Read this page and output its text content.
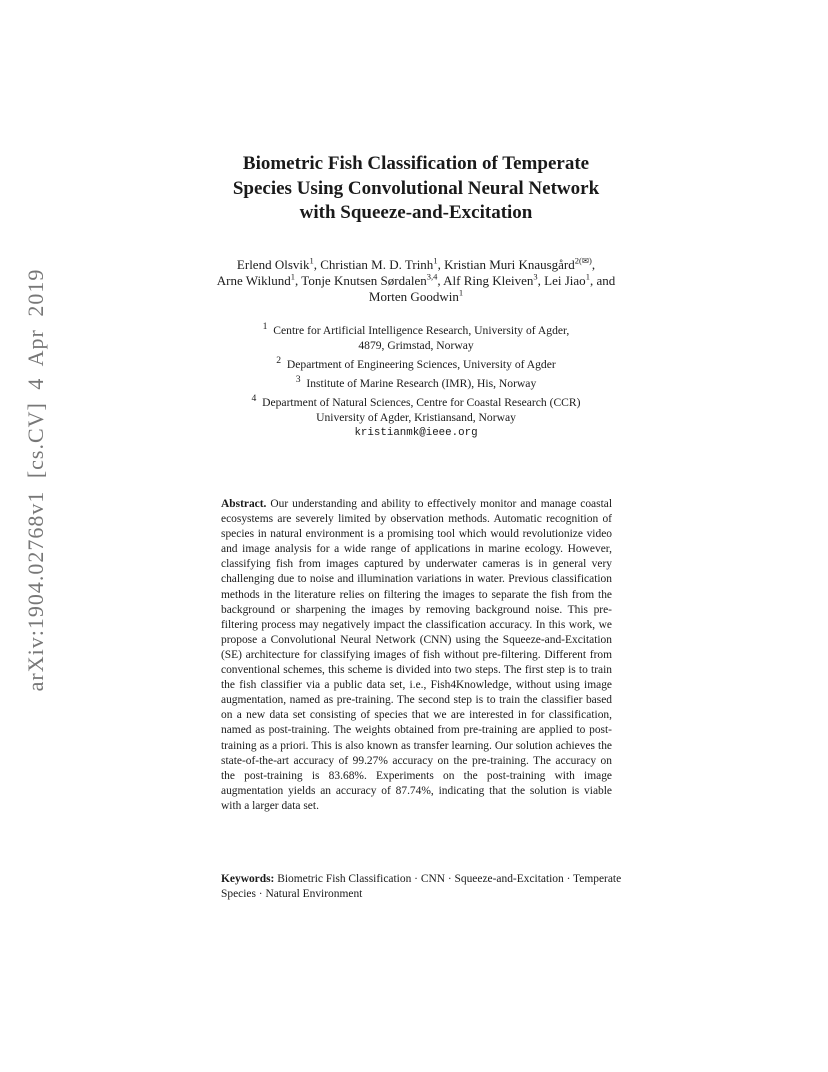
arXiv:1904.02768v1 [cs.CV] 4 Apr 2019
Biometric Fish Classification of Temperate
Species Using Convolutional Neural Network
with Squeeze-and-Excitation
Erlend Olsvik$^1$, Christian M. D. Trinh$^1$, Kristian Muri Knausgård$^{2(✉)}$,
Arne Wiklund$^1$, Tonje Knutsen Sørdalen$^{3,4}$, Alf Ring Kleiven$^3$, Lei Jiao$^1$, and
Morten Goodwin$^1$
$^1$ Centre for Artificial Intelligence Research, University of Agder,
4879, Grimstad, Norway
$^2$ Department of Engineering Sciences, University of Agder
$^3$ Institute of Marine Research (IMR), His, Norway
$^4$ Department of Natural Sciences, Centre for Coastal Research (CCR)
University of Agder, Kristiansand, Norway
kristianmk@ieee.org
Abstract. Our understanding and ability to effectively monitor and manage coastal ecosystems are severely limited by observation methods. Automatic recognition of species in natural environment is a promising tool which would revolutionize video and image analysis for a wide range of applications in marine ecology. However, classifying fish from images captured by underwater cameras is in general very challenging due to noise and illumination variations in water. Previous classification methods in the literature relies on filtering the images to separate the fish from the background or sharpening the images by removing background noise. This pre-filtering process may negatively impact the classification accuracy. In this work, we propose a Convolutional Neural Network (CNN) using the Squeeze-and-Excitation (SE) architecture for classifying images of fish without pre-filtering. Different from conventional schemes, this scheme is divided into two steps. The first step is to train the fish classifier via a public data set, i.e., Fish4Knowledge, without using image augmentation, named as pre-training. The second step is to train the classifier based on a new data set consisting of species that we are interested in for classification, named as post-training. The weights obtained from pre-training are applied to post-training as a priori. This is also known as transfer learning. Our solution achieves the state-of-the-art accuracy of 99.27% accuracy on the pre-training. The accuracy on the post-training is 83.68%. Experiments on the post-training with image augmentation yields an accuracy of 87.74%, indicating that the solution is viable with a larger data set.
Keywords: Biometric Fish Classification · CNN · Squeeze-and-Excitation · Temperate Species · Natural Environment
